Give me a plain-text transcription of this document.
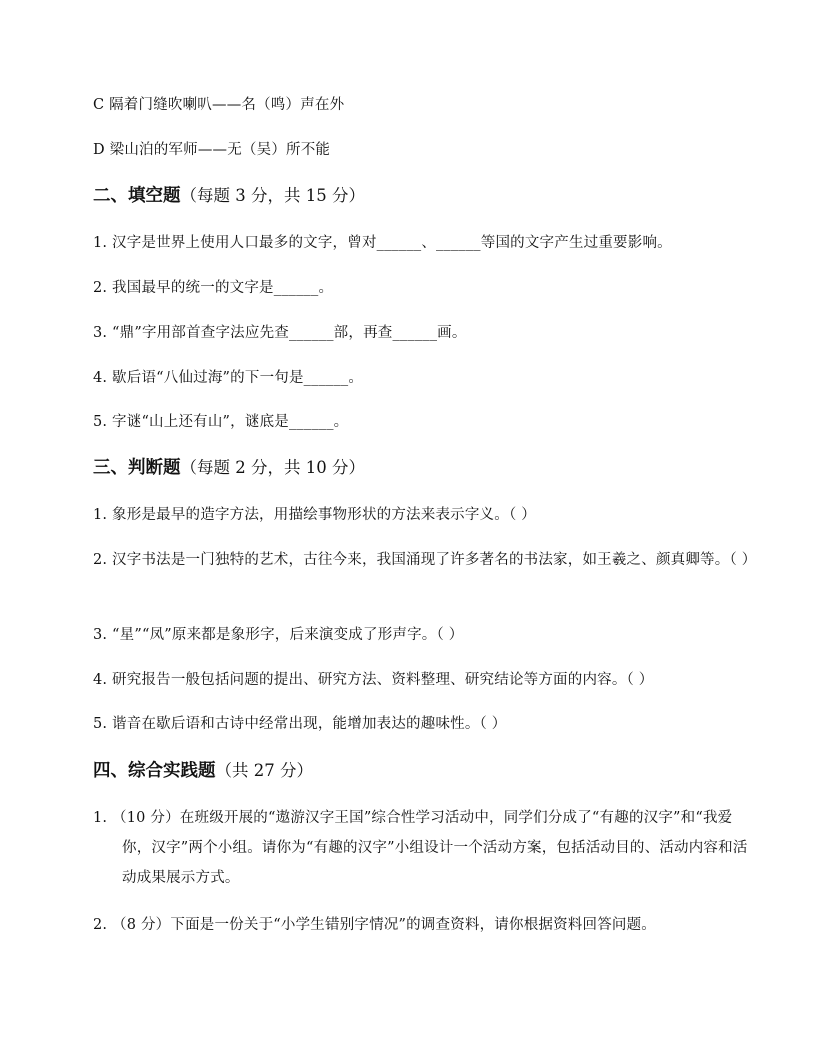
C 隔着门缝吹喇叭——名（鸣）声在外
D 梁山泊的军师——无（吴）所不能
二、填空题（每题 3 分，共 15 分）
1. 汉字是世界上使用人口最多的文字，曾对______、______等国的文字产生过重要影响。
2. 我国最早的统一的文字是______。
3. “鼎”字用部首查字法应先查______部，再查______画。
4. 歇后语“八仙过海”的下一句是______。
5. 字谜“山上还有山”，谜底是______。
三、判断题（每题 2 分，共 10 分）
1. 象形是最早的造字方法，用描绘事物形状的方法来表示字义。（ ）
2. 汉字书法是一门独特的艺术，古往今来，我国涌现了许多著名的书法家，如王羲之、颜真卿等。（ ）
3. “星”“凤”原来都是象形字，后来演变成了形声字。（ ）
4. 研究报告一般包括问题的提出、研究方法、资料整理、研究结论等方面的内容。（ ）
5. 谐音在歇后语和古诗中经常出现，能增加表达的趣味性。（ ）
四、综合实践题（共 27 分）
1. （10 分）在班级开展的“遨游汉字王国”综合性学习活动中，同学们分成了“有趣的汉字”和“我爱你，汉字”两个小组。请你为“有趣的汉字”小组设计一个活动方案，包括活动目的、活动内容和活动成果展示方式。
2. （8 分）下面是一份关于“小学生错别字情况”的调查资料，请你根据资料回答问题。
